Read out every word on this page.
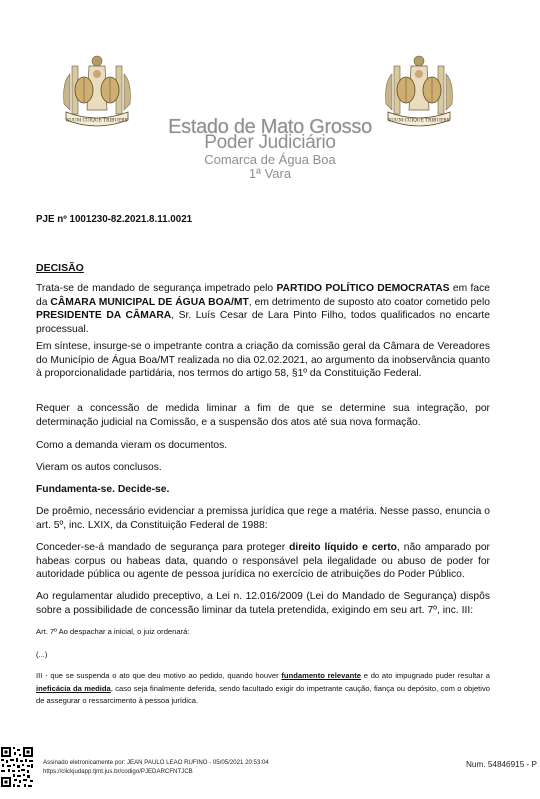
SUUM CUIQUE TRIBUERE	SUUM CUIQUE TRIBUERE
Estado de Mato Grosso
Poder Judiciário
Comarca de Água Boa
1ª Vara

PJE nº 1001230-82.2021.8.11.0021

DECISÃO

Trata-se de mandado de segurança impetrado pelo PARTIDO POLÍTICO DEMOCRATAS em face da CÂMARA MUNICIPAL DE ÁGUA BOA/MT, em detrimento de suposto ato coator cometido pelo PRESIDENTE DA CÂMARA, Sr. Luís Cesar de Lara Pinto Filho, todos qualificados no encarte processual.

Em síntese, insurge-se o impetrante contra a criação da comissão geral da Câmara de Vereadores do Município de Água Boa/MT realizada no dia 02.02.2021, ao argumento da inobservância quanto à proporcionalidade partidária, nos termos do artigo 58, §1º da Constituição Federal.

Requer a concessão de medida liminar a fim de que se determine sua integração, por determinação judicial na Comissão, e a suspensão dos atos até sua nova formação.

Como a demanda vieram os documentos.

Vieram os autos conclusos.

Fundamenta-se. Decide-se.

De proêmio, necessário evidenciar a premissa jurídica que rege a matéria. Nesse passo, enuncia o art. 5º, inc. LXIX, da Constituição Federal de 1988:

Conceder-se-á mandado de segurança para proteger direito líquido e certo, não amparado por habeas corpus ou habeas data, quando o responsável pela ilegalidade ou abuso de poder for autoridade pública ou agente de pessoa jurídica no exercício de atribuições do Poder Público.

Ao regulamentar aludido preceptivo, a Lei n. 12.016/2009 (Lei do Mandado de Segurança) dispôs sobre a possibilidade de concessão liminar da tutela pretendida, exigindo em seu art. 7º, inc. III:

Art. 7º Ao despachar a inicial, o juiz ordenará:

(...)

III - que se suspenda o ato que deu motivo ao pedido, quando houver fundamento relevante e do ato impugnado puder resultar a ineficácia da medida, caso seja finalmente deferida, sendo facultado exigir do impetrante caução, fiança ou depósito, com o objetivo de assegurar o ressarcimento à pessoa jurídica.

Assinado eletronicamente por: JEAN PAULO LEAO RUFINO - 05/05/2021 20:53:04
https://clickjudapp.tjmt.jus.br/codigo/PJEDARCFNTJCB
Num. 54846915 - P
